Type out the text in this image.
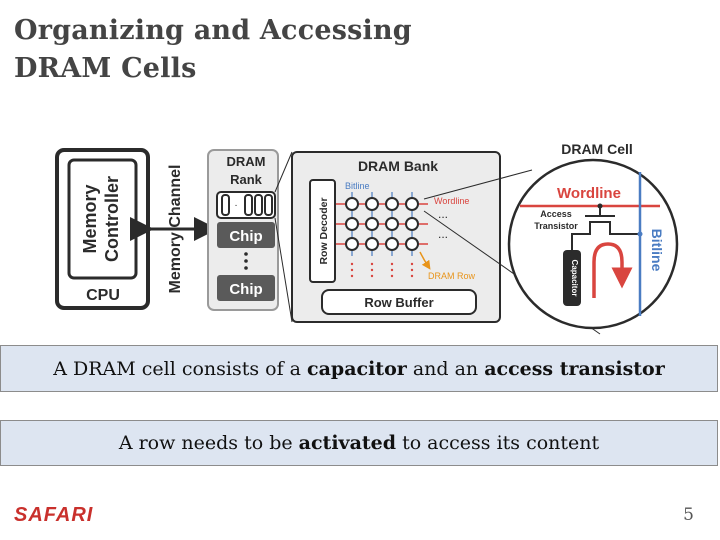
Organizing and Accessing
DRAM Cells
Memory Controller
CPU
Memory Channel
DRAM
Rank
·
Chip
Chip
DRAM Bank
Row Decoder
Bitline
Wordline
...
...
DRAM Row
Row Buffer
DRAM Cell
Wordline
Bitline
Access
Transistor
Capacitor
A DRAM cell consists of a capacitor and an access transistor
A row needs to be activated to access its content
SAFARI	5
